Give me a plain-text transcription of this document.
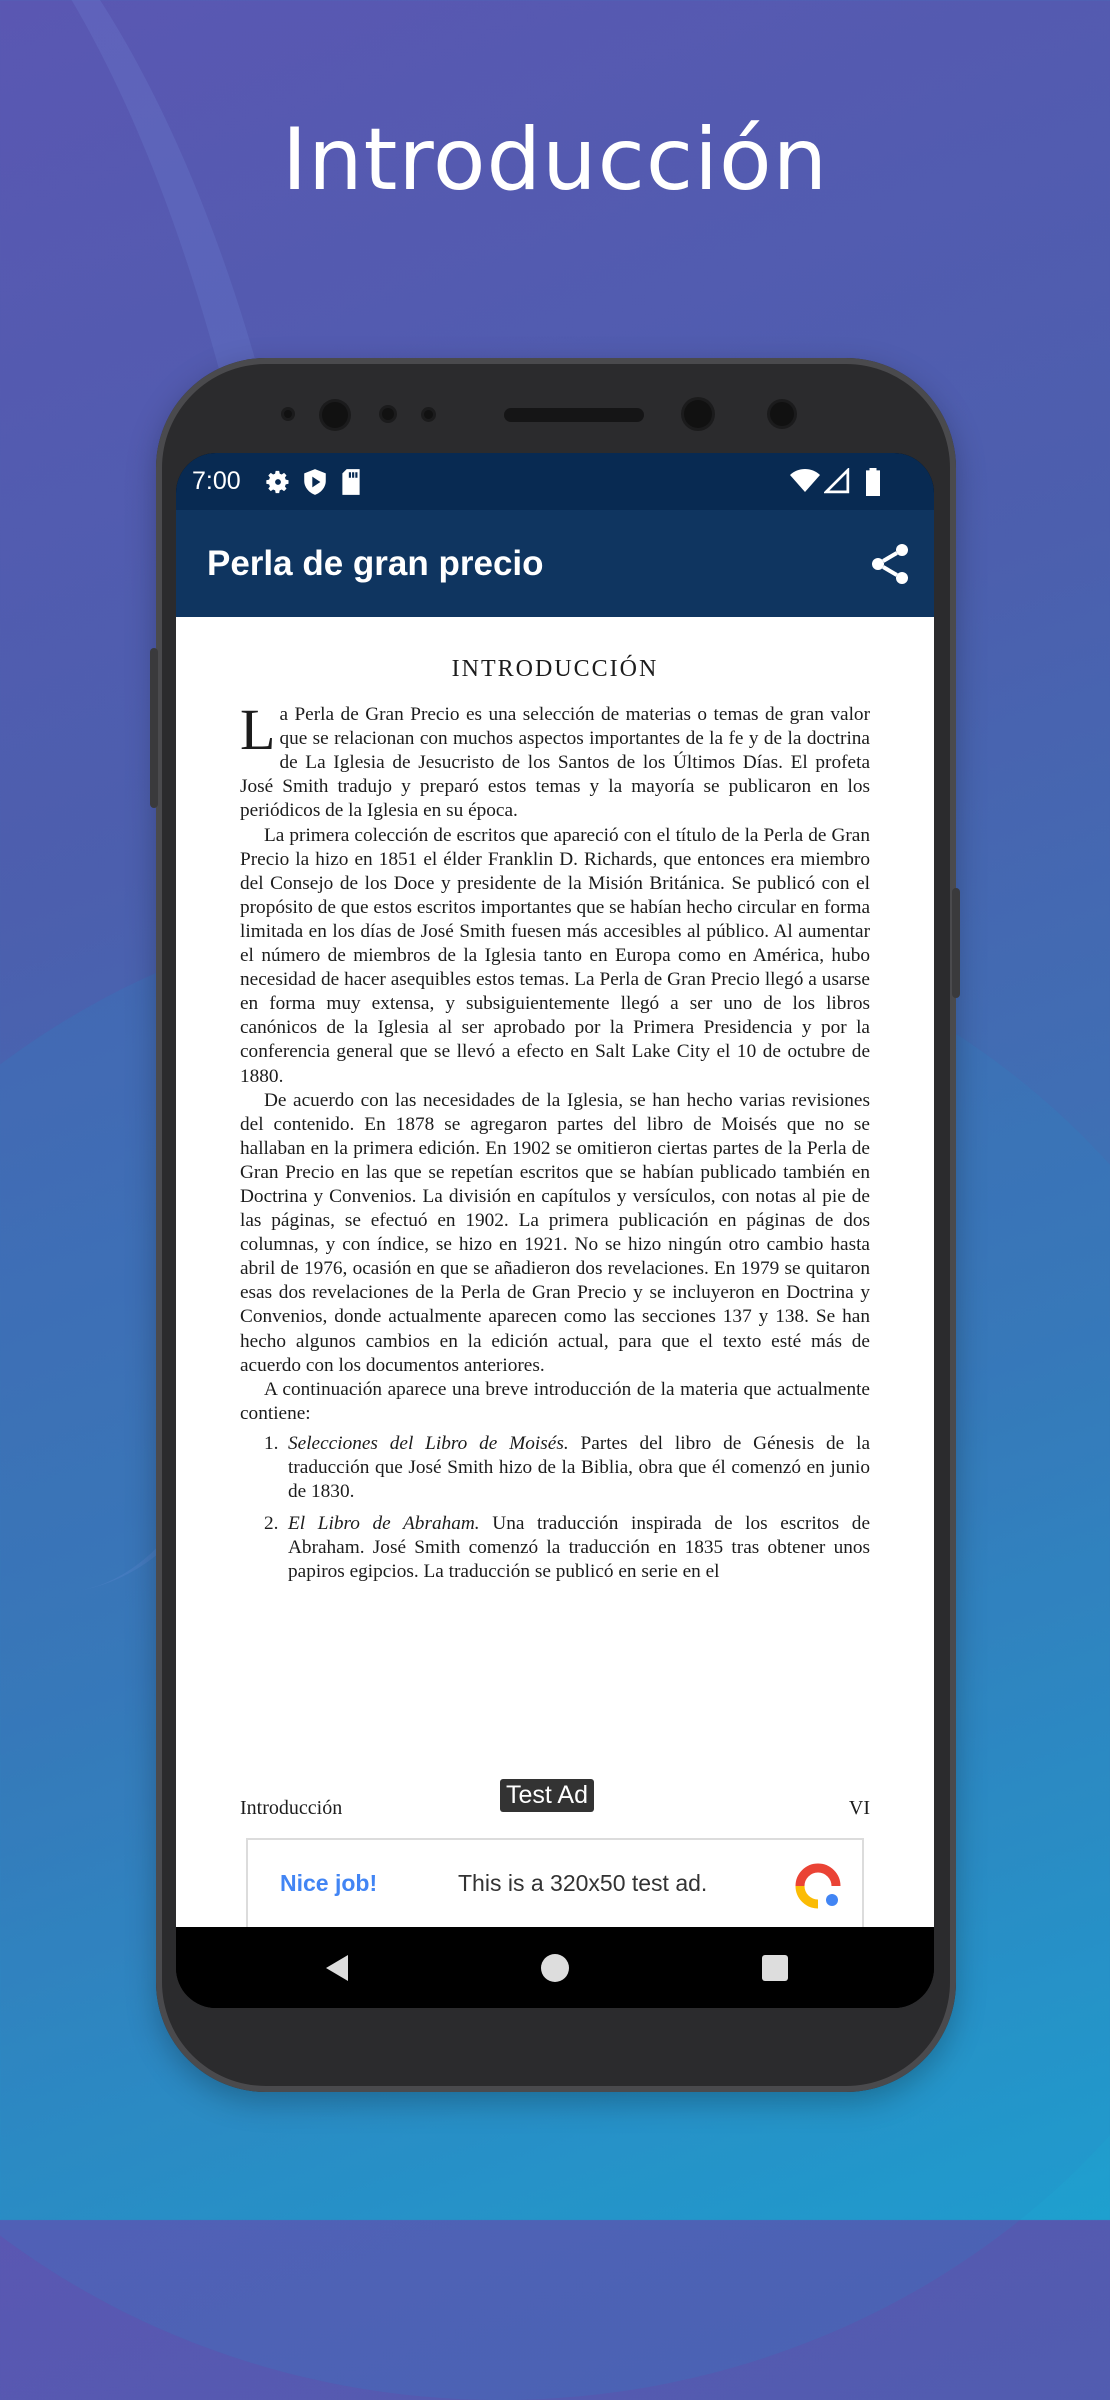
Introducción
7:00
Perla de gran precio
INTRODUCCIÓN

La Perla de Gran Precio es una selección de materias o temas de gran valor que se relacionan con muchos aspectos importantes de la fe y de la doctrina de La Iglesia de Jesucristo de los Santos de los Últimos Días. El profeta José Smith tradujo y preparó estos temas y la mayoría se publicaron en los periódicos de la Iglesia en su época.

La primera colección de escritos que apareció con el título de la Perla de Gran Precio la hizo en 1851 el élder Franklin D. Richards, que entonces era miembro del Consejo de los Doce y presidente de la Misión Británica. Se publicó con el propósito de que estos escritos importantes que se habían hecho circular en forma limitada en los días de José Smith fuesen más accesibles al público. Al aumentar el número de miembros de la Iglesia tanto en Europa como en América, hubo necesidad de hacer asequibles estos temas. La Perla de Gran Precio llegó a usarse en forma muy extensa, y subsiguientemente llegó a ser uno de los libros canónicos de la Iglesia al ser aprobado por la Primera Presidencia y por la conferencia general que se llevó a efecto en Salt Lake City el 10 de octubre de 1880.

De acuerdo con las necesidades de la Iglesia, se han hecho varias revisiones del contenido. En 1878 se agregaron partes del libro de Moisés que no se hallaban en la primera edición. En 1902 se omitieron ciertas partes de la Perla de Gran Precio en las que se repetían escritos que se habían publicado también en Doctrina y Convenios. La división en capítulos y versículos, con notas al pie de las páginas, se efectuó en 1902. La primera publicación en páginas de dos columnas, y con índice, se hizo en 1921. No se hizo ningún otro cambio hasta abril de 1976, ocasión en que se añadieron dos revelaciones. En 1979 se quitaron esas dos revelaciones de la Perla de Gran Precio y se incluyeron en Doctrina y Convenios, donde actualmente aparecen como las secciones 137 y 138. Se han hecho algunos cambios en la edición actual, para que el texto esté más de acuerdo con los documentos anteriores.

A continuación aparece una breve introducción de la materia que actualmente contiene:

1. Selecciones del Libro de Moisés. Partes del libro de Génesis de la traducción que José Smith hizo de la Biblia, obra que él comenzó en junio de 1830.
2. El Libro de Abraham. Una traducción inspirada de los escritos de Abraham. José Smith comenzó la traducción en 1835 tras obtener unos papiros egipcios. La traducción se publicó en serie en el
Introducción	VI
Nice job!	This is a 320x50 test ad.
Test Ad
